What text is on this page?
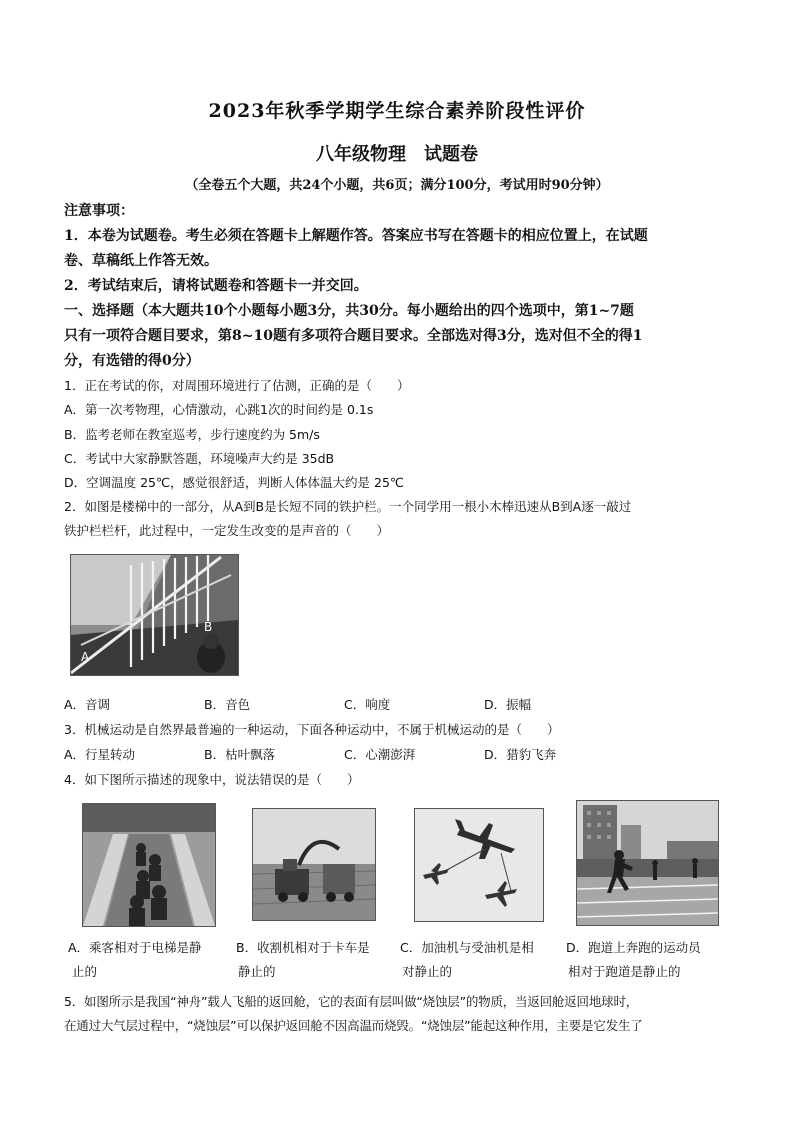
2023年秋季学期学生综合素养阶段性评价
八年级物理　试题卷
（全卷五个大题，共24个小题，共6页；满分100分，考试用时90分钟）
注意事项：
1．本卷为试题卷。考生必须在答题卡上解题作答。答案应书写在答题卡的相应位置上，在试题
卷、草稿纸上作答无效。
2．考试结束后，请将试题卷和答题卡一并交回。
一、选择题（本大题共10个小题每小题3分，共30分。每小题给出的四个选项中，第1~7题
只有一项符合题目要求，第8~10题有多项符合题目要求。全部选对得3分，选对但不全的得1
分，有选错的得0分）
1．正在考试的你，对周围环境进行了估测，正确的是（　　）
A．第一次考物理，心情激动，心跳1次的时间约是 0.1s
B．监考老师在教室巡考，步行速度约为 5m/s
C．考试中大家静默答题，环境噪声大约是 35dB
D．空调温度 25℃，感觉很舒适，判断人体体温大约是 25℃
2．如图是楼梯中的一部分，从A到B是长短不同的铁护栏。一个同学用一根小木棒迅速从B到A逐一敲过
铁护栏栏杆，此过程中，一定发生改变的是声音的（　　）
A
B
A．音调	B．音色	C．响度	D．振幅
3．机械运动是自然界最普遍的一种运动，下面各种运动中，不属于机械运动的是（　　）
A．行星转动	B．枯叶飘落	C．心潮澎湃	D．猎豹飞奔
4．如下图所示描述的现象中，说法错误的是（　　）
A．乘客相对于电梯是静
止的
B．收割机相对于卡车是
静止的
C．加油机与受油机是相
对静止的
D．跑道上奔跑的运动员
相对于跑道是静止的
5．如图所示是我国“神舟”载人飞船的返回舱，它的表面有层叫做“烧蚀层”的物质，当返回舱返回地球时，
在通过大气层过程中，“烧蚀层”可以保护返回舱不因高温而烧毁。“烧蚀层”能起这种作用，主要是它发生了
